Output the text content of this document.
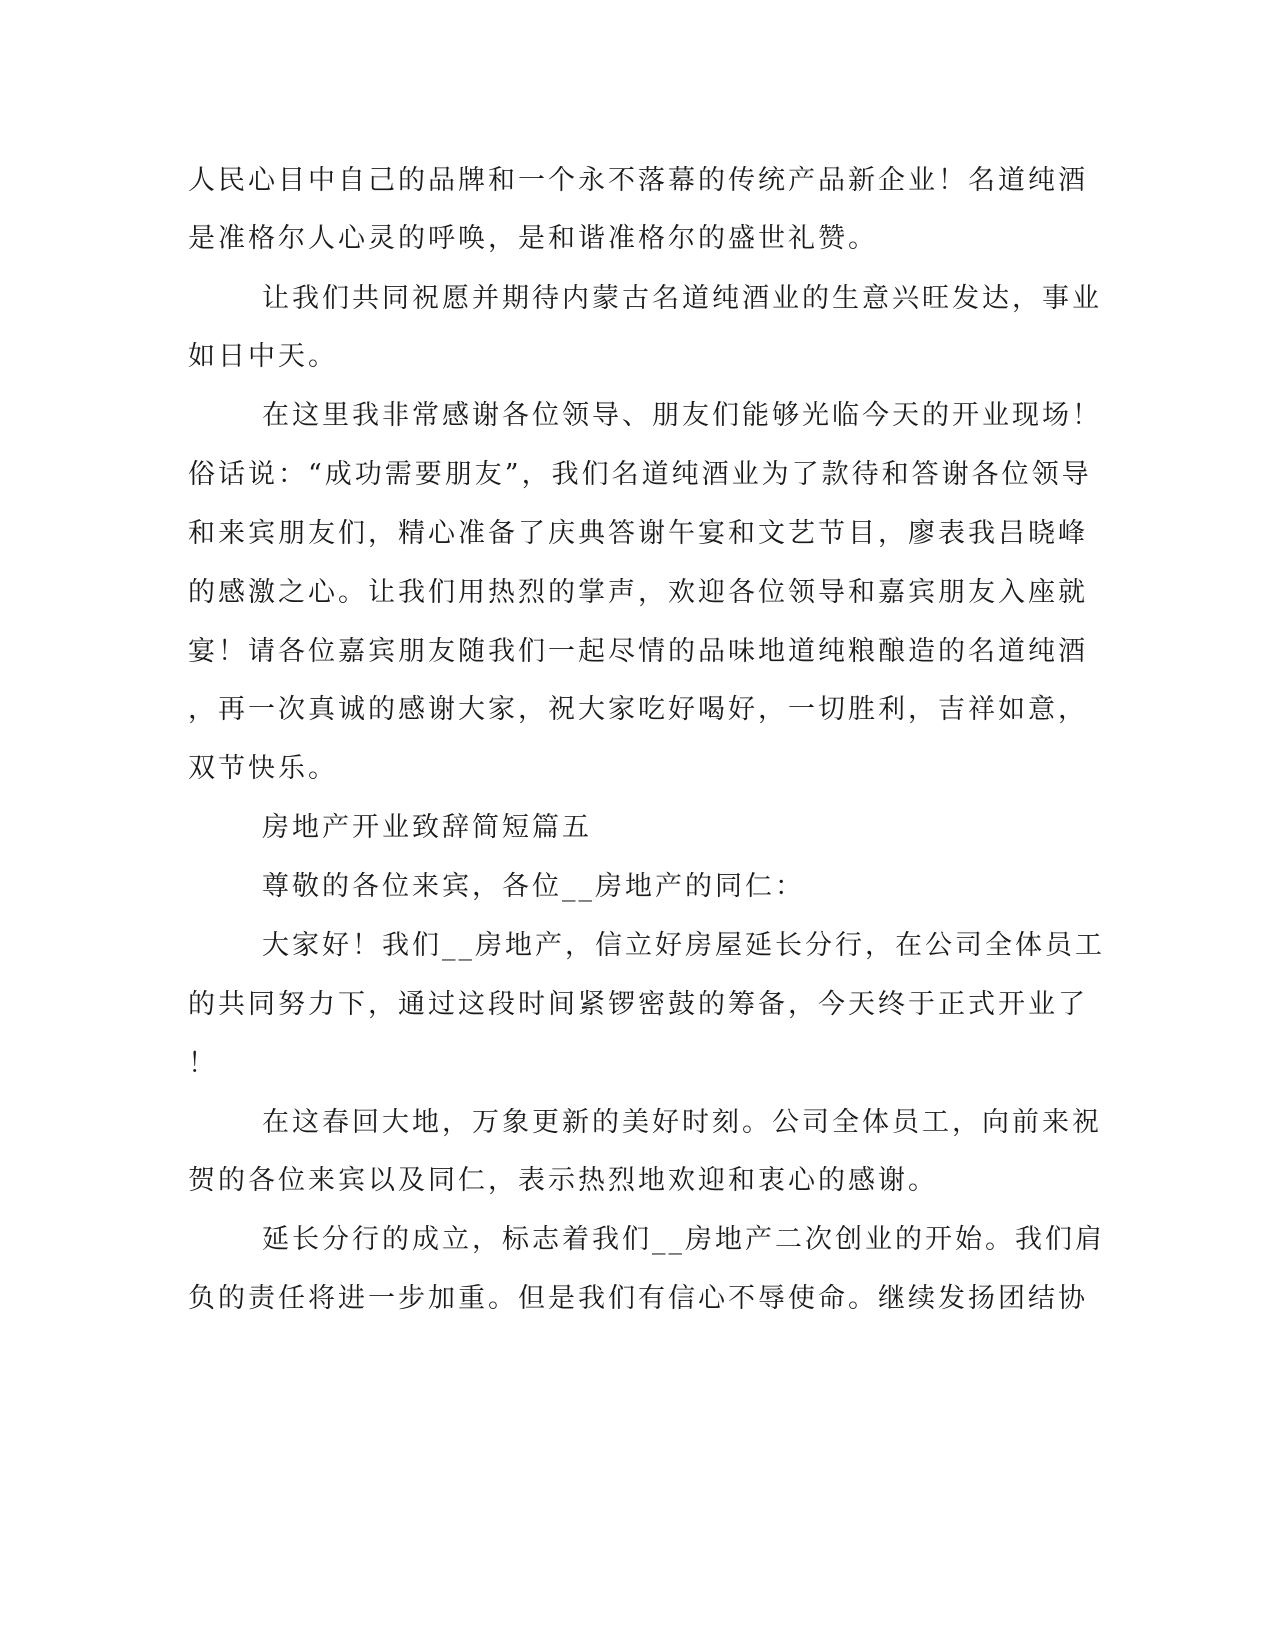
人民心目中自己的品牌和一个永不落幕的传统产品新企业！名道纯酒
是准格尔人心灵的呼唤，是和谐准格尔的盛世礼赞。
让我们共同祝愿并期待内蒙古名道纯酒业的生意兴旺发达，事业
如日中天。
在这里我非常感谢各位领导、朋友们能够光临今天的开业现场！
俗话说：“成功需要朋友”，我们名道纯酒业为了款待和答谢各位领导
和来宾朋友们，精心准备了庆典答谢午宴和文艺节目，廖表我吕晓峰
的感激之心。让我们用热烈的掌声，欢迎各位领导和嘉宾朋友入座就
宴！请各位嘉宾朋友随我们一起尽情的品味地道纯粮酿造的名道纯酒
，再一次真诚的感谢大家，祝大家吃好喝好，一切胜利，吉祥如意，
双节快乐。
房地产开业致辞简短篇五
尊敬的各位来宾，各位__房地产的同仁：
大家好！我们__房地产，信立好房屋延长分行，在公司全体员工
的共同努力下，通过这段时间紧锣密鼓的筹备，今天终于正式开业了
！
在这春回大地，万象更新的美好时刻。公司全体员工，向前来祝
贺的各位来宾以及同仁，表示热烈地欢迎和衷心的感谢。
延长分行的成立，标志着我们__房地产二次创业的开始。我们肩
负的责任将进一步加重。但是我们有信心不辱使命。继续发扬团结协
